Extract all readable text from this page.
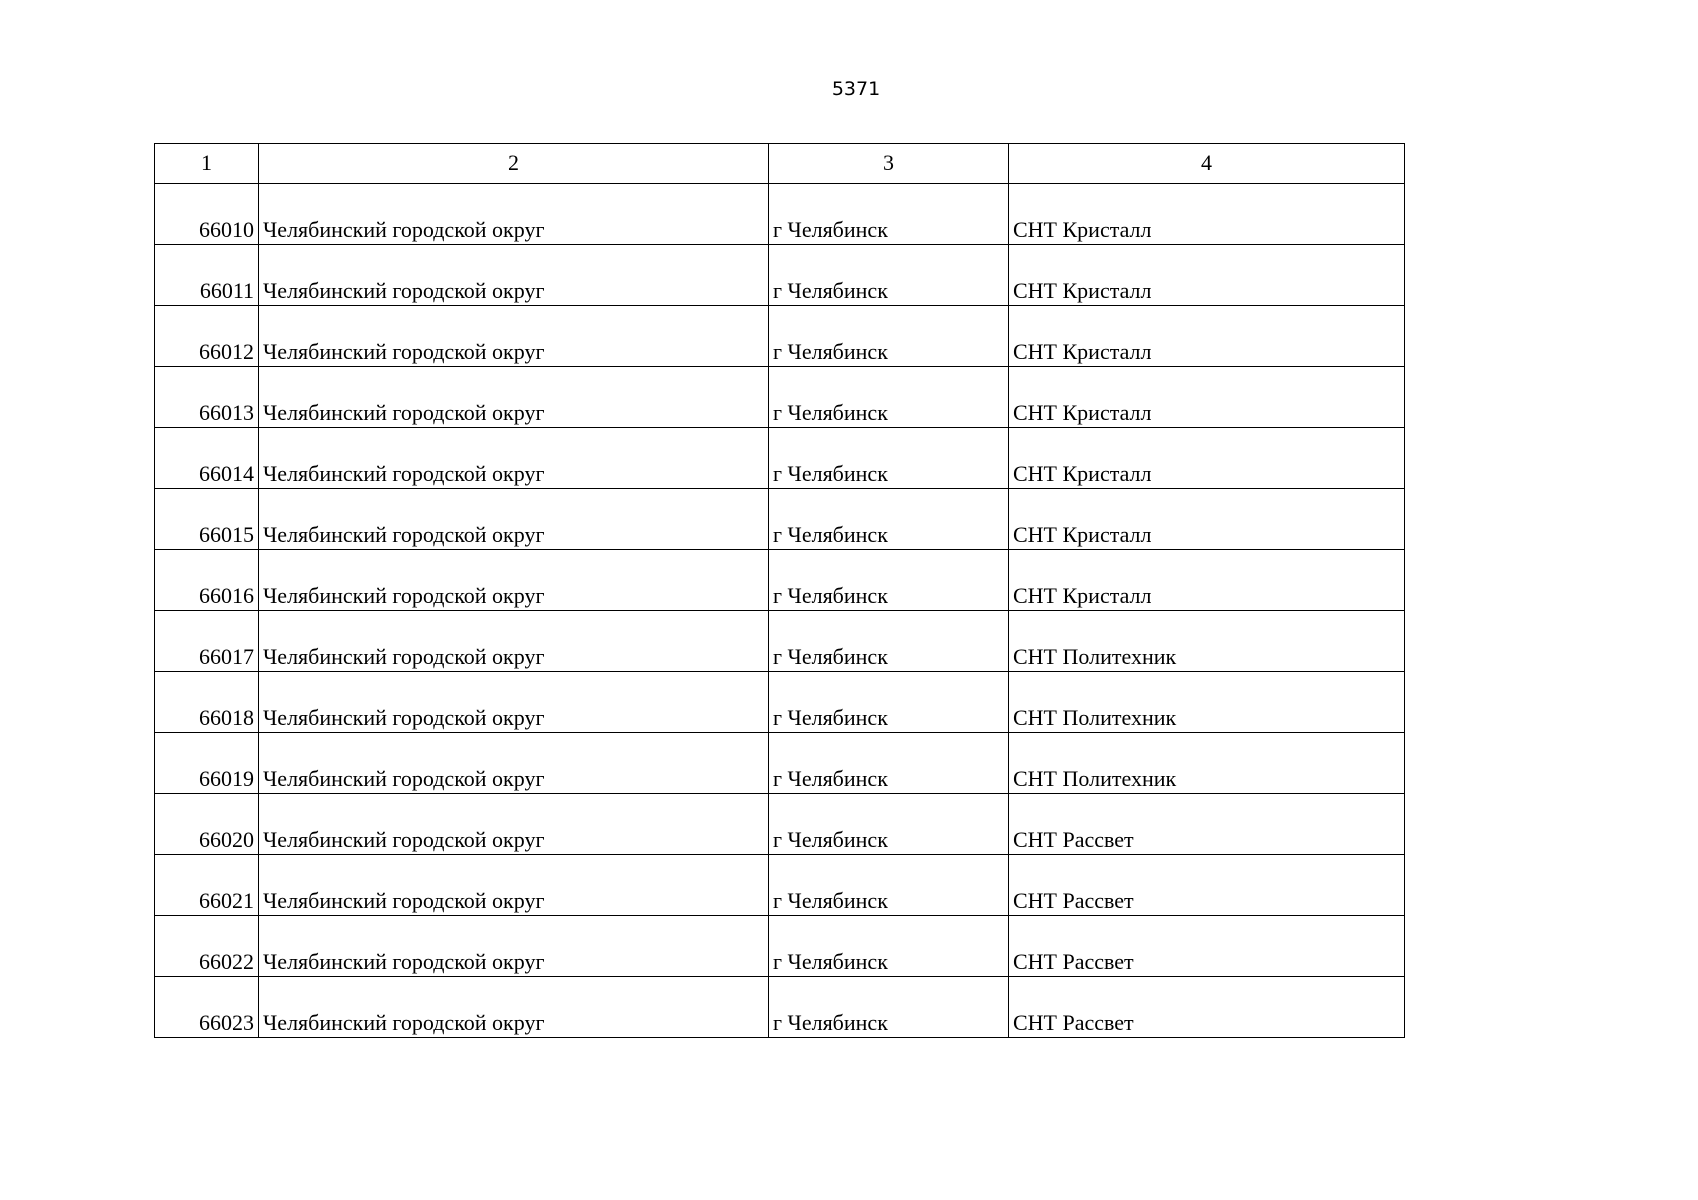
5371
1	2	3	4
66010	Челябинский городской округ	г Челябинск	СНТ Кристалл
66011	Челябинский городской округ	г Челябинск	СНТ Кристалл
66012	Челябинский городской округ	г Челябинск	СНТ Кристалл
66013	Челябинский городской округ	г Челябинск	СНТ Кристалл
66014	Челябинский городской округ	г Челябинск	СНТ Кристалл
66015	Челябинский городской округ	г Челябинск	СНТ Кристалл
66016	Челябинский городской округ	г Челябинск	СНТ Кристалл
66017	Челябинский городской округ	г Челябинск	СНТ Политехник
66018	Челябинский городской округ	г Челябинск	СНТ Политехник
66019	Челябинский городской округ	г Челябинск	СНТ Политехник
66020	Челябинский городской округ	г Челябинск	СНТ Рассвет
66021	Челябинский городской округ	г Челябинск	СНТ Рассвет
66022	Челябинский городской округ	г Челябинск	СНТ Рассвет
66023	Челябинский городской округ	г Челябинск	СНТ Рассвет
